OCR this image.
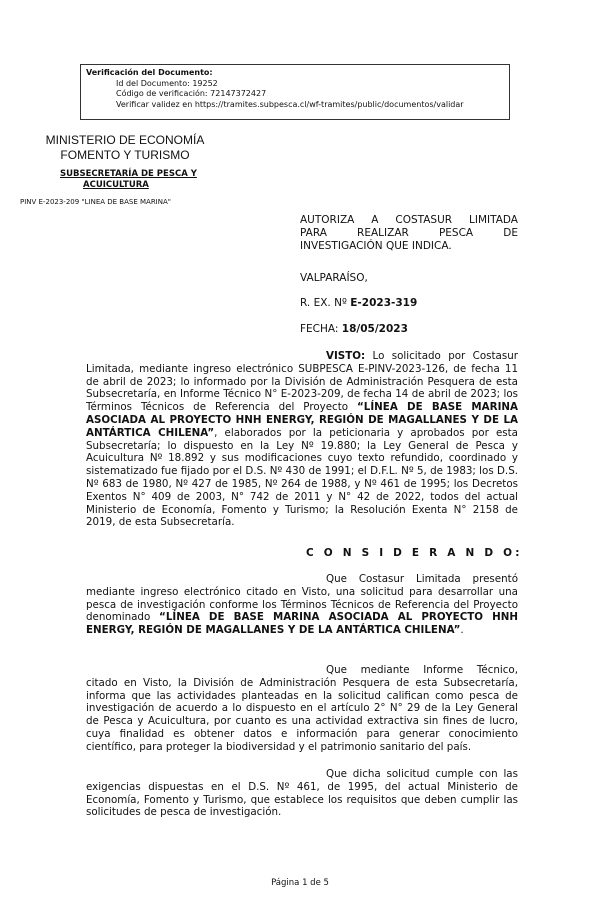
Verificación del Documento:
• Id del Documento: 19252
• Código de verificación: 72147372427
• Verificar validez en https://tramites.subpesca.cl/wf-tramites/public/documentos/validar
MINISTERIO DE ECONOMÍA
FOMENTO Y TURISMO
SUBSECRETARÍA DE PESCA Y
ACUICULTURA
PINV E-2023-209 "LINEA DE BASE MARINA"
AUTORIZA A COSTASUR LIMITADA
PARA REALIZAR PESCA DE
INVESTIGACIÓN QUE INDICA.
VALPARAÍSO,
R. EX. Nº E-2023-319
FECHA: 18/05/2023
VISTO: Lo solicitado por Costasur Limitada, mediante ingreso electrónico SUBPESCA E-PINV-2023-126, de fecha 11 de abril de 2023; lo informado por la División de Administración Pesquera de esta Subsecretaría, en Informe Técnico N° E-2023-209, de fecha 14 de abril de 2023; los Términos Técnicos de Referencia del Proyecto “LÍNEA DE BASE MARINA ASOCIADA AL PROYECTO HNH ENERGY, REGIÓN DE MAGALLANES Y DE LA ANTÁRTICA CHILENA”, elaborados por la peticionaria y aprobados por esta Subsecretaría; lo dispuesto en la Ley Nº 19.880; la Ley General de Pesca y Acuicultura Nº 18.892 y sus modificaciones cuyo texto refundido, coordinado y sistematizado fue fijado por el D.S. Nº 430 de 1991; el D.F.L. Nº 5, de 1983; los D.S. Nº 683 de 1980, Nº 427 de 1985, Nº 264 de 1988, y Nº 461 de 1995; los Decretos Exentos N° 409 de 2003, N° 742 de 2011 y N° 42 de 2022, todos del actual Ministerio de Economía, Fomento y Turismo; la Resolución Exenta N° 2158 de 2019, de esta Subsecretaría.
C O N S I D E R A N D O:
Que Costasur Limitada presentó mediante ingreso electrónico citado en Visto, una solicitud para desarrollar una pesca de investigación conforme los Términos Técnicos de Referencia del Proyecto denominado “LÍNEA DE BASE MARINA ASOCIADA AL PROYECTO HNH ENERGY, REGIÓN DE MAGALLANES Y DE LA ANTÁRTICA CHILENA”.
Que mediante Informe Técnico, citado en Visto, la División de Administración Pesquera de esta Subsecretaría, informa que las actividades planteadas en la solicitud califican como pesca de investigación de acuerdo a lo dispuesto en el artículo 2° N° 29 de la Ley General de Pesca y Acuicultura, por cuanto es una actividad extractiva sin fines de lucro, cuya finalidad es obtener datos e información para generar conocimiento científico, para proteger la biodiversidad y el patrimonio sanitario del país.
Que dicha solicitud cumple con las exigencias dispuestas en el D.S. Nº 461, de 1995, del actual Ministerio de Economía, Fomento y Turismo, que establece los requisitos que deben cumplir las solicitudes de pesca de investigación.
Página 1 de 5
